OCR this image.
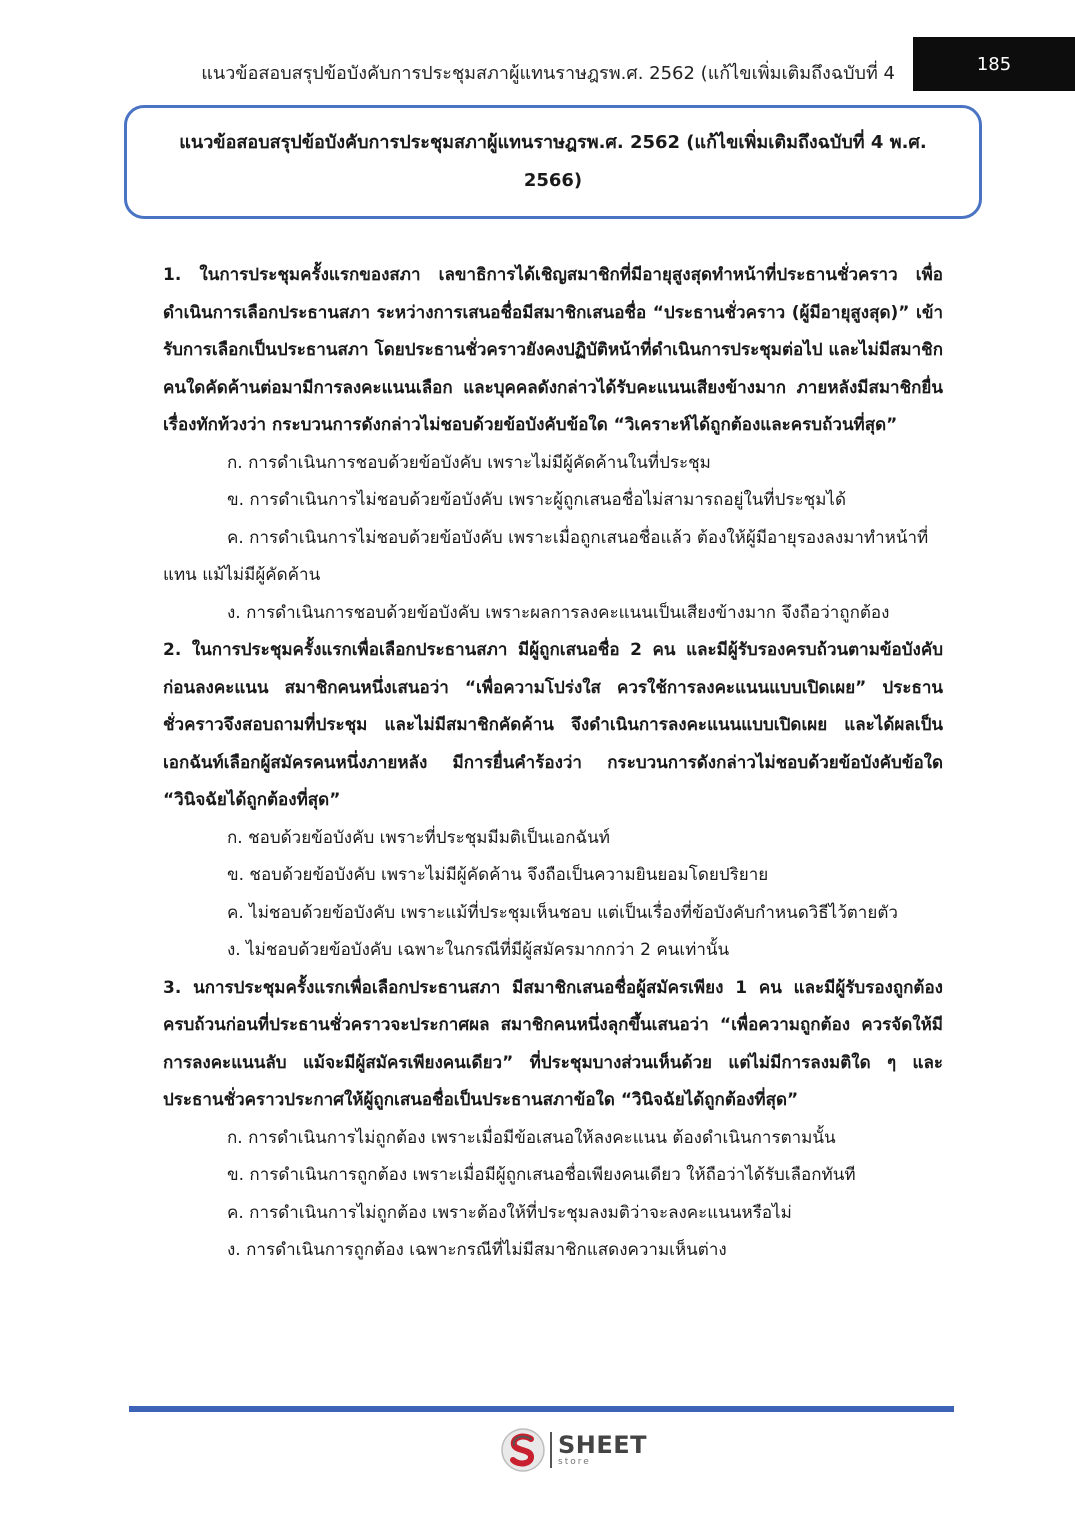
แนวข้อสอบสรุปข้อบังคับการประชุมสภาผู้แทนราษฎรพ.ศ. 2562 (แก้ไขเพิ่มเติมถึงฉบับที่ 4	185
แนวข้อสอบสรุปข้อบังคับการประชุมสภาผู้แทนราษฎรพ.ศ. 2562 (แก้ไขเพิ่มเติมถึงฉบับที่ 4 พ.ศ. 2566)

1. ในการประชุมครั้งแรกของสภา เลขาธิการได้เชิญสมาชิกที่มีอายุสูงสุดทำหน้าที่ประธานชั่วคราว เพื่อดำเนินการเลือกประธานสภา ระหว่างการเสนอชื่อมีสมาชิกเสนอชื่อ “ประธานชั่วคราว (ผู้มีอายุสูงสุด)” เข้ารับการเลือกเป็นประธานสภา โดยประธานชั่วคราวยังคงปฏิบัติหน้าที่ดำเนินการประชุมต่อไป และไม่มีสมาชิกคนใดคัดค้านต่อมามีการลงคะแนนเลือก และบุคคลดังกล่าวได้รับคะแนนเสียงข้างมาก ภายหลังมีสมาชิกยื่นเรื่องทักท้วงว่า กระบวนการดังกล่าวไม่ชอบด้วยข้อบังคับข้อใด “วิเคราะห์ได้ถูกต้องและครบถ้วนที่สุด”

ก. การดำเนินการชอบด้วยข้อบังคับ เพราะไม่มีผู้คัดค้านในที่ประชุม

ข. การดำเนินการไม่ชอบด้วยข้อบังคับ เพราะผู้ถูกเสนอชื่อไม่สามารถอยู่ในที่ประชุมได้

ค. การดำเนินการไม่ชอบด้วยข้อบังคับ เพราะเมื่อถูกเสนอชื่อแล้ว ต้องให้ผู้มีอายุรองลงมาทำหน้าที่แทน แม้ไม่มีผู้คัดค้าน

ง. การดำเนินการชอบด้วยข้อบังคับ เพราะผลการลงคะแนนเป็นเสียงข้างมาก จึงถือว่าถูกต้อง

2. ในการประชุมครั้งแรกเพื่อเลือกประธานสภา มีผู้ถูกเสนอชื่อ 2 คน และมีผู้รับรองครบถ้วนตามข้อบังคับก่อนลงคะแนน สมาชิกคนหนึ่งเสนอว่า “เพื่อความโปร่งใส ควรใช้การลงคะแนนแบบเปิดเผย” ประธานชั่วคราวจึงสอบถามที่ประชุม และไม่มีสมาชิกคัดค้าน จึงดำเนินการลงคะแนนแบบเปิดเผย และได้ผลเป็นเอกฉันท์เลือกผู้สมัครคนหนึ่งภายหลัง มีการยื่นคำร้องว่า กระบวนการดังกล่าวไม่ชอบด้วยข้อบังคับข้อใด “วินิจฉัยได้ถูกต้องที่สุด”

ก. ชอบด้วยข้อบังคับ เพราะที่ประชุมมีมติเป็นเอกฉันท์

ข. ชอบด้วยข้อบังคับ เพราะไม่มีผู้คัดค้าน จึงถือเป็นความยินยอมโดยปริยาย

ค. ไม่ชอบด้วยข้อบังคับ เพราะแม้ที่ประชุมเห็นชอบ แต่เป็นเรื่องที่ข้อบังคับกำหนดวิธีไว้ตายตัว

ง. ไม่ชอบด้วยข้อบังคับ เฉพาะในกรณีที่มีผู้สมัครมากกว่า 2 คนเท่านั้น

3. นการประชุมครั้งแรกเพื่อเลือกประธานสภา มีสมาชิกเสนอชื่อผู้สมัครเพียง 1 คน และมีผู้รับรองถูกต้องครบถ้วนก่อนที่ประธานชั่วคราวจะประกาศผล สมาชิกคนหนึ่งลุกขึ้นเสนอว่า “เพื่อความถูกต้อง ควรจัดให้มีการลงคะแนนลับ แม้จะมีผู้สมัครเพียงคนเดียว” ที่ประชุมบางส่วนเห็นด้วย แต่ไม่มีการลงมติใด ๆ และประธานชั่วคราวประกาศให้ผู้ถูกเสนอชื่อเป็นประธานสภาข้อใด “วินิจฉัยได้ถูกต้องที่สุด”

ก. การดำเนินการไม่ถูกต้อง เพราะเมื่อมีข้อเสนอให้ลงคะแนน ต้องดำเนินการตามนั้น

ข. การดำเนินการถูกต้อง เพราะเมื่อมีผู้ถูกเสนอชื่อเพียงคนเดียว ให้ถือว่าได้รับเลือกทันที

ค. การดำเนินการไม่ถูกต้อง เพราะต้องให้ที่ประชุมลงมติว่าจะลงคะแนนหรือไม่

ง. การดำเนินการถูกต้อง เฉพาะกรณีที่ไม่มีสมาชิกแสดงความเห็นต่าง

SHEET
store
